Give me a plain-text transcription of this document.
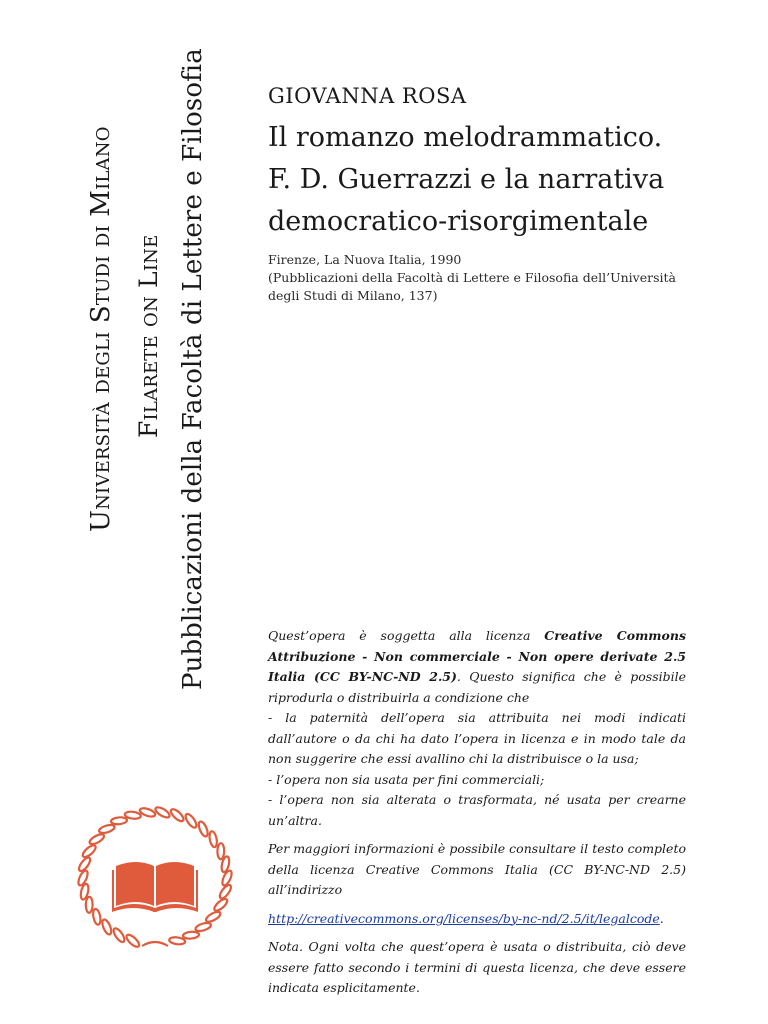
Università degli Studi di Milano Filarete on Line Pubblicazioni della Facoltà di Lettere e Filosofia	GIOVANNA ROSA
Il romanzo melodrammatico.
F. D. Guerrazzi e la narrativa
democratico-risorgimentale
Firenze, La Nuova Italia, 1990
(Pubblicazioni della Facoltà di Lettere e Filosofia dell’Università
degli Studi di Milano, 137)

Quest’opera è soggetta alla licenza Creative Commons Attribuzione - Non commerciale - Non opere derivate 2.5 Italia (CC BY-NC-ND 2.5). Questo significa che è possibile riprodurla o distribuirla a condizione che

- la paternità dell’opera sia attribuita nei modi indicati dall’autore o da chi ha dato l’opera in licenza e in modo tale da non suggerire che essi avallino chi la distribuisce o la usa;

- l’opera non sia usata per fini commerciali;

- l’opera non sia alterata o trasformata, né usata per crearne un’altra.

Per maggiori informazioni è possibile consultare il testo completo della licenza Creative Commons Italia (CC BY-NC-ND 2.5) all’indirizzo

http://creativecommons.org/licenses/by-nc-nd/2.5/it/legalcode.

Nota. Ogni volta che quest’opera è usata o distribuita, ciò deve essere fatto secondo i termini di questa licenza, che deve essere indicata esplicitamente.
